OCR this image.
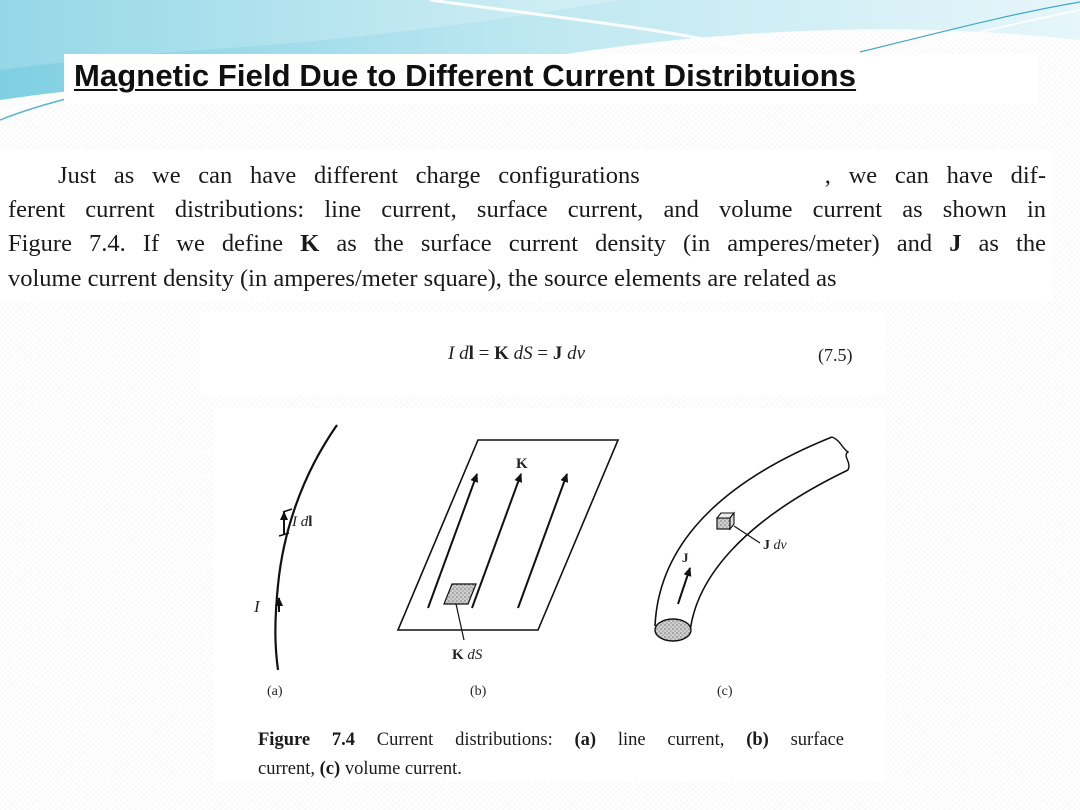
Magnetic Field Due to Different Current Distribtuions

Just as we can have different charge configurations	, we can have dif-

ferent current distributions: line current, surface current, and volume current as shown in

Figure 7.4. If we define K as the surface current density (in amperes/meter) and J as the

volume current density (in amperes/meter square), the source elements are related as

I dl = K dS = J dv	(7.5)

I
I dl
(a)
K
K dS
(b)
J
J dv
(c)

Figure 7.4 Current distributions: (a) line current, (b) surface
current, (c) volume current.
